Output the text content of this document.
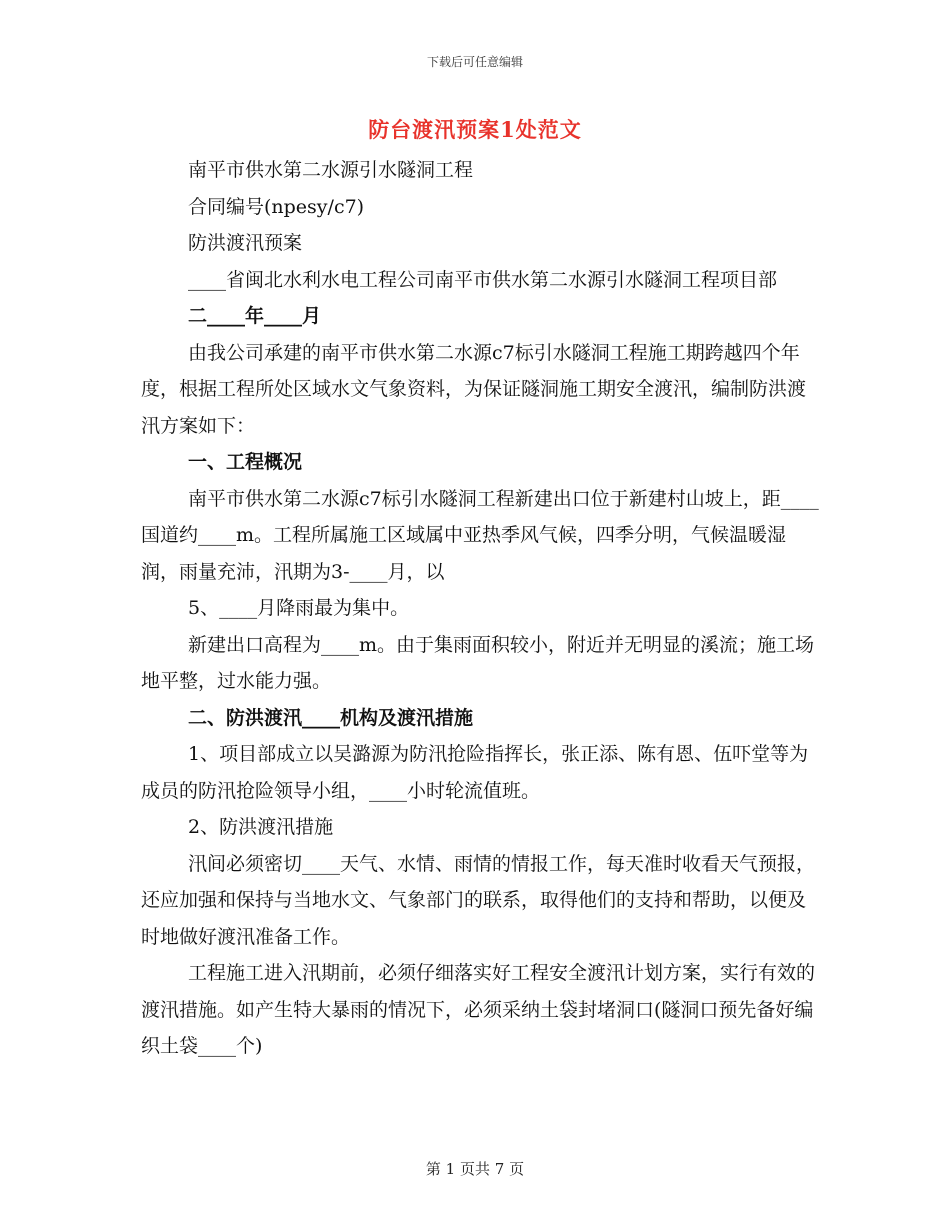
下载后可任意编辑
防台渡汛预案1处范文

南平市供水第二水源引水隧洞工程

合同编号(npesy/c7)

防洪渡汛预案

____省闽北水利水电工程公司南平市供水第二水源引水隧洞工程项目部

二____年____月

由我公司承建的南平市供水第二水源c7标引水隧洞工程施工期跨越四个年度，根据工程所处区域水文气象资料，为保证隧洞施工期安全渡汛，编制防洪渡汛方案如下：

一、工程概况

南平市供水第二水源c7标引水隧洞工程新建出口位于新建村山坡上，距____国道约____m。工程所属施工区域属中亚热季风气候，四季分明，气候温暖湿润，雨量充沛，汛期为3-____月，以

5、____月降雨最为集中。

新建出口高程为____m。由于集雨面积较小，附近并无明显的溪流；施工场地平整，过水能力强。

二、防洪渡汛____机构及渡汛措施

1、项目部成立以吴潞源为防汛抢险指挥长，张正添、陈有恩、伍吓堂等为成员的防汛抢险领导小组，____小时轮流值班。

2、防洪渡汛措施

汛间必须密切____天气、水情、雨情的情报工作，每天准时收看天气预报，还应加强和保持与当地水文、气象部门的联系，取得他们的支持和帮助，以便及时地做好渡汛准备工作。

工程施工进入汛期前，必须仔细落实好工程安全渡汛计划方案，实行有效的渡汛措施。如产生特大暴雨的情况下，必须采纳土袋封堵洞口(隧洞口预先备好编织土袋____个)

第 1 页共 7 页
